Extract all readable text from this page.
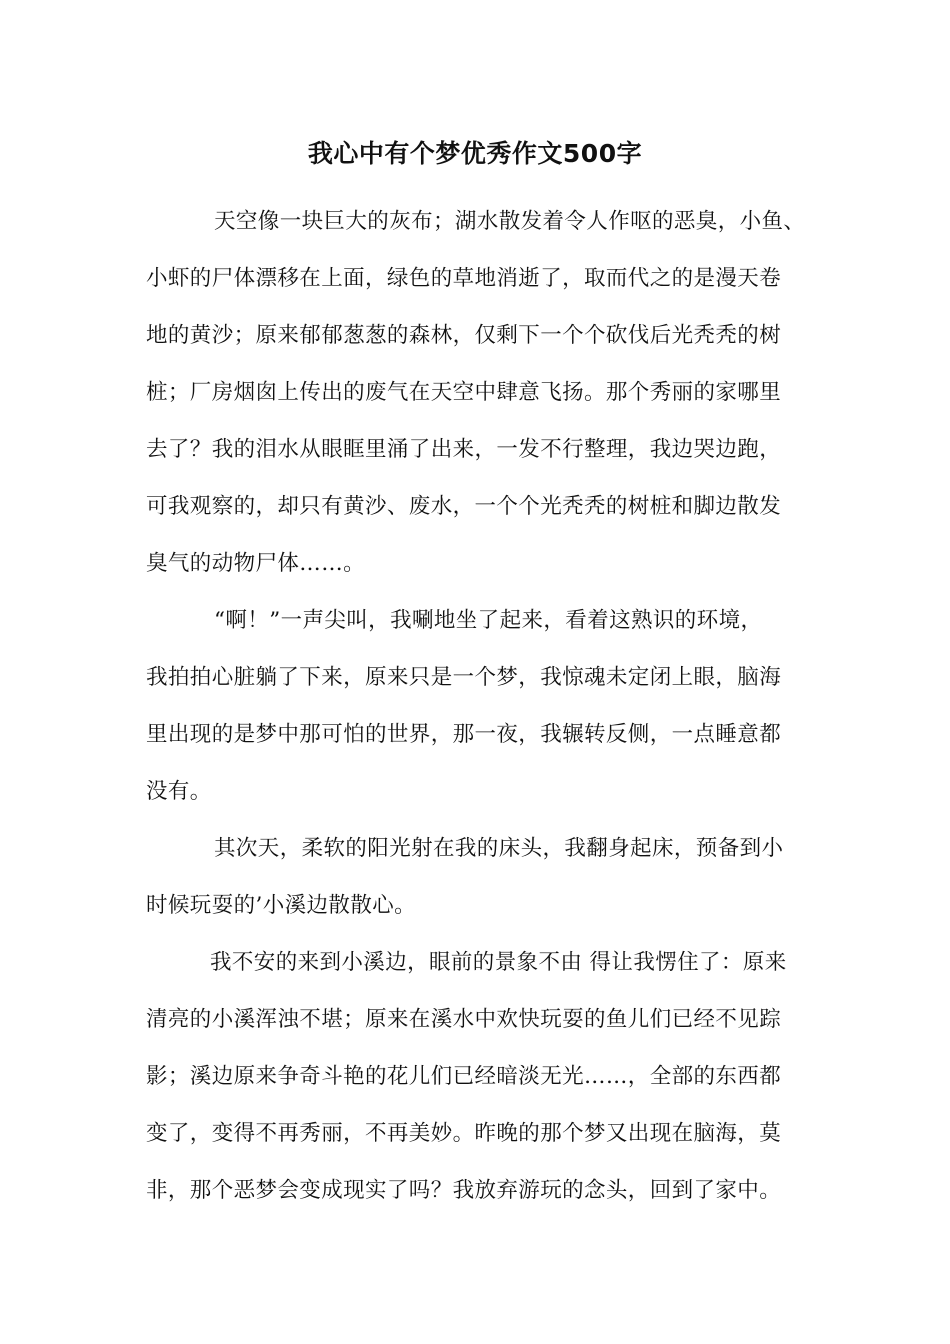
我心中有个梦优秀作文500字
天空像一块巨大的灰布；湖水散发着令人作呕的恶臭，小鱼、
小虾的尸体漂移在上面，绿色的草地消逝了，取而代之的是漫天卷
地的黄沙；原来郁郁葱葱的森林，仅剩下一个个砍伐后光秃秃的树
桩；厂房烟囱上传出的废气在天空中肆意飞扬。那个秀丽的家哪里
去了？我的泪水从眼眶里涌了出来，一发不行整理，我边哭边跑，
可我观察的，却只有黄沙、废水，一个个光秃秃的树桩和脚边散发
臭气的动物尸体……。
“啊！”一声尖叫，我唰地坐了起来，看着这熟识的环境，
我拍拍心脏躺了下来，原来只是一个梦，我惊魂未定闭上眼，脑海
里出现的是梦中那可怕的世界，那一夜，我辗转反侧，一点睡意都
没有。
其次天，柔软的阳光射在我的床头，我翻身起床，预备到小
时候玩耍的’小溪边散散心。
我不安的来到小溪边，眼前的景象不由 得让我愣住了：原来
清亮的小溪浑浊不堪；原来在溪水中欢快玩耍的鱼儿们已经不见踪
影；溪边原来争奇斗艳的花儿们已经暗淡无光……，全部的东西都
变了，变得不再秀丽，不再美妙。昨晚的那个梦又出现在脑海，莫
非，那个恶梦会变成现实了吗？我放弃游玩的念头，回到了家中。
